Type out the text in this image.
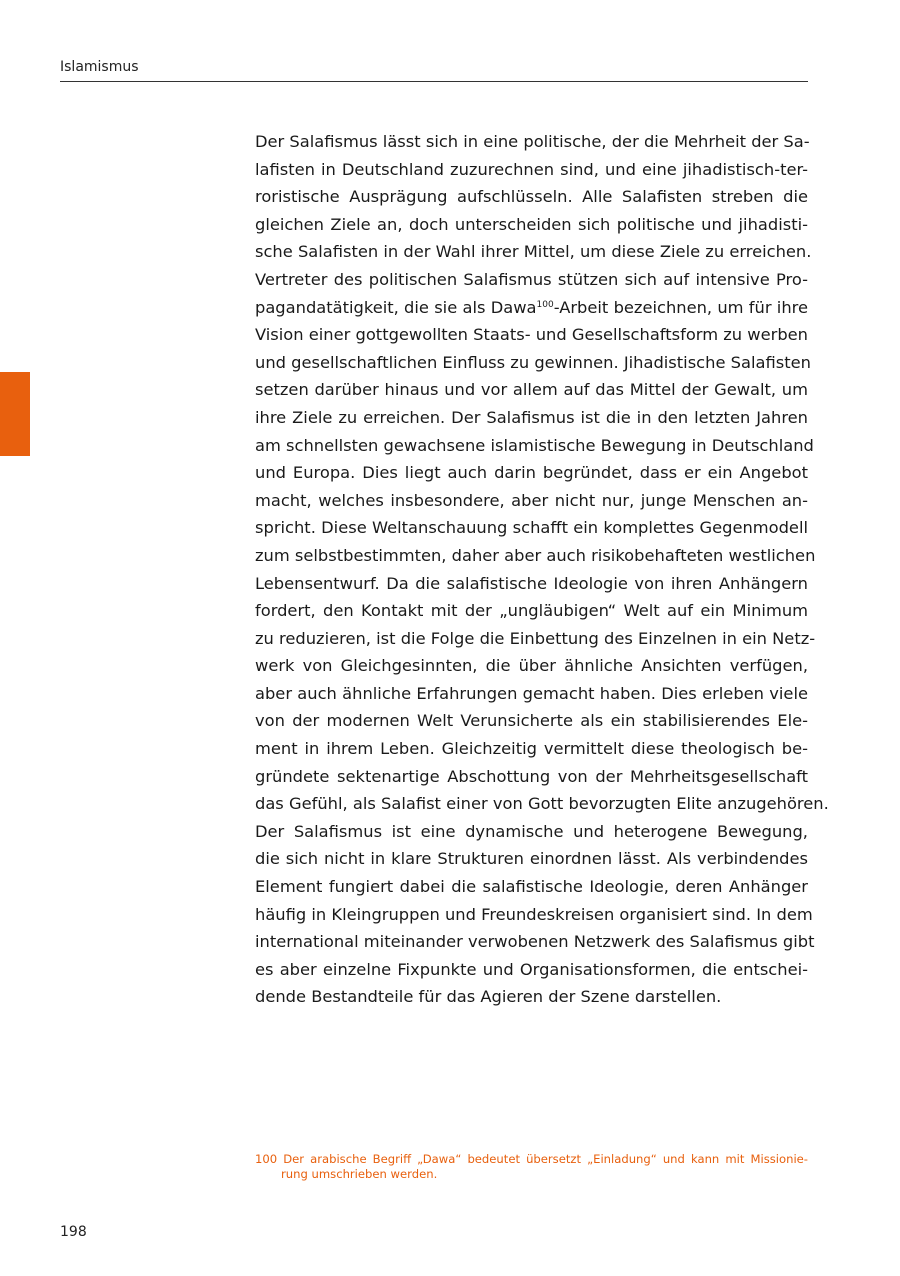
Islamismus
Der Salafismus lässt sich in eine politische, der die Mehrheit der Sa-
lafisten in Deutschland zuzurechnen sind, und eine jihadistisch-ter-
roristische Ausprägung aufschlüsseln. Alle Salafisten streben die
gleichen Ziele an, doch unterscheiden sich politische und jihadisti-
sche Salafisten in der Wahl ihrer Mittel, um diese Ziele zu erreichen.
Vertreter des politischen Salafismus stützen sich auf intensive Pro-
pagandatätigkeit, die sie als Dawa$^{100}$-Arbeit bezeichnen, um für ihre
Vision einer gottgewollten Staats- und Gesellschaftsform zu werben
und gesellschaftlichen Einfluss zu gewinnen. Jihadistische Salafisten
setzen darüber hinaus und vor allem auf das Mittel der Gewalt, um
ihre Ziele zu erreichen. Der Salafismus ist die in den letzten Jahren
am schnellsten gewachsene islamistische Bewegung in Deutschland
und Europa. Dies liegt auch darin begründet, dass er ein Angebot
macht, welches insbesondere, aber nicht nur, junge Menschen an-
spricht. Diese Weltanschauung schafft ein komplettes Gegenmodell
zum selbstbestimmten, daher aber auch risikobehafteten westlichen
Lebensentwurf. Da die salafistische Ideologie von ihren Anhängern
fordert, den Kontakt mit der „ungläubigen“ Welt auf ein Minimum
zu reduzieren, ist die Folge die Einbettung des Einzelnen in ein Netz-
werk von Gleichgesinnten, die über ähnliche Ansichten verfügen,
aber auch ähnliche Erfahrungen gemacht haben. Dies erleben viele
von der modernen Welt Verunsicherte als ein stabilisierendes Ele-
ment in ihrem Leben. Gleichzeitig vermittelt diese theologisch be-
gründete sektenartige Abschottung von der Mehrheitsgesellschaft
das Gefühl, als Salafist einer von Gott bevorzugten Elite anzugehören.
Der Salafismus ist eine dynamische und heterogene Bewegung,
die sich nicht in klare Strukturen einordnen lässt. Als verbindendes
Element fungiert dabei die salafistische Ideologie, deren Anhänger
häufig in Kleingruppen und Freundeskreisen organisiert sind. In dem
international miteinander verwobenen Netzwerk des Salafismus gibt
es aber einzelne Fixpunkte und Organisationsformen, die entschei-
dende Bestandteile für das Agieren der Szene darstellen.
100 Der arabische Begriff „Dawa“ bedeutet übersetzt „Einladung“ und kann mit Missionie-
rung umschrieben werden.
198
